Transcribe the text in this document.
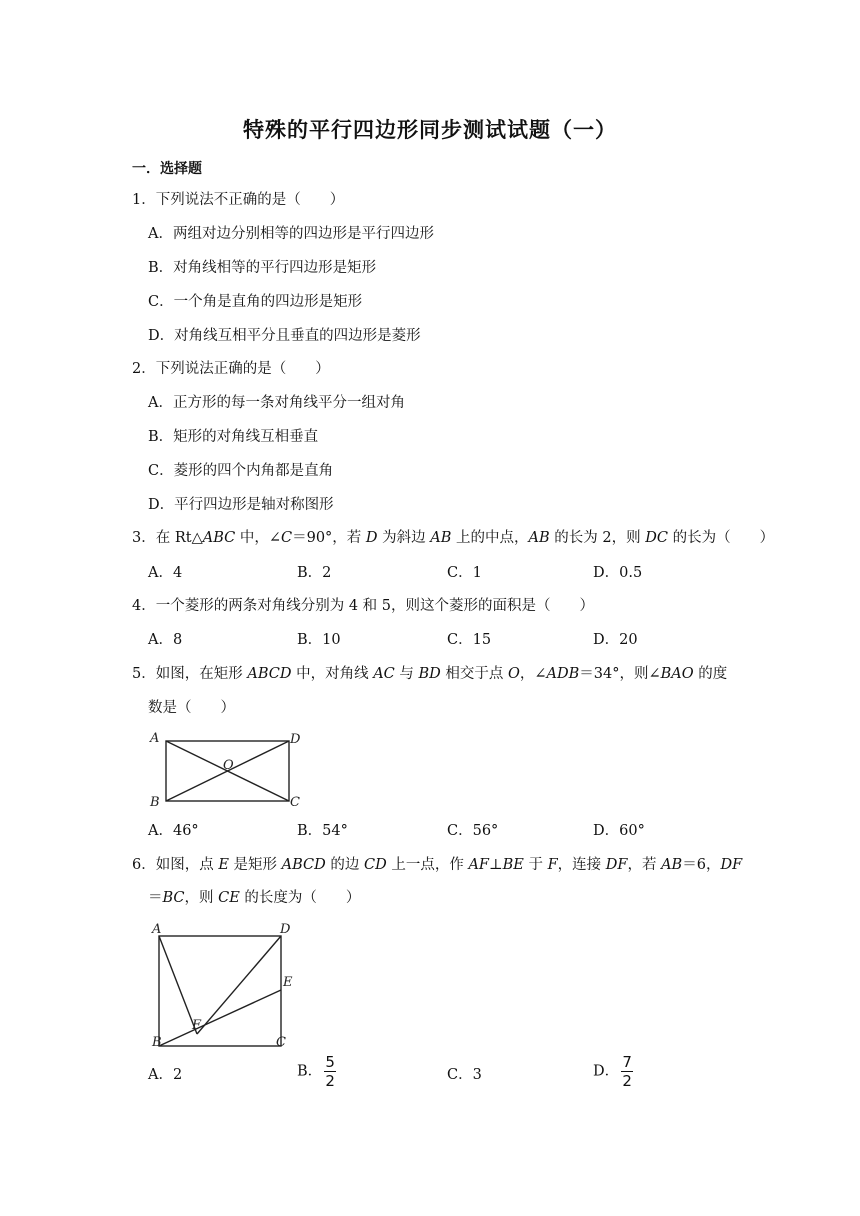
特殊的平行四边形同步测试试题（一）
一．选择题
1．下列说法不正确的是（　　）
A．两组对边分别相等的四边形是平行四边形
B．对角线相等的平行四边形是矩形
C．一个角是直角的四边形是矩形
D．对角线互相平分且垂直的四边形是菱形
2．下列说法正确的是（　　）
A．正方形的每一条对角线平分一组对角
B．矩形的对角线互相垂直
C．菱形的四个内角都是直角
D．平行四边形是轴对称图形
3．在 Rt△ABC 中，∠C＝90°，若 D 为斜边 AB 上的中点，AB 的长为 2，则 DC 的长为（　　）
A．4	B．2	C．1	D．0.5
4．一个菱形的两条对角线分别为 4 和 5，则这个菱形的面积是（　　）
A．8	B．10	C．15	D．20
5．如图，在矩形 ABCD 中，对角线 AC 与 BD 相交于点 O，∠ADB＝34°，则∠BAO 的度
数是（　　）
A	D
B	C
O
A．46°	B．54°	C．56°	D．60°
6．如图，点 E 是矩形 ABCD 的边 CD 上一点，作 AF⊥BE 于 F，连接 DF，若 AB＝6，DF
＝BC，则 CE 的长度为（　　）
A	D
E
F
B	C
A．2	B． $\frac{5}{2}$	C．3	D． $\frac{7}{2}$
